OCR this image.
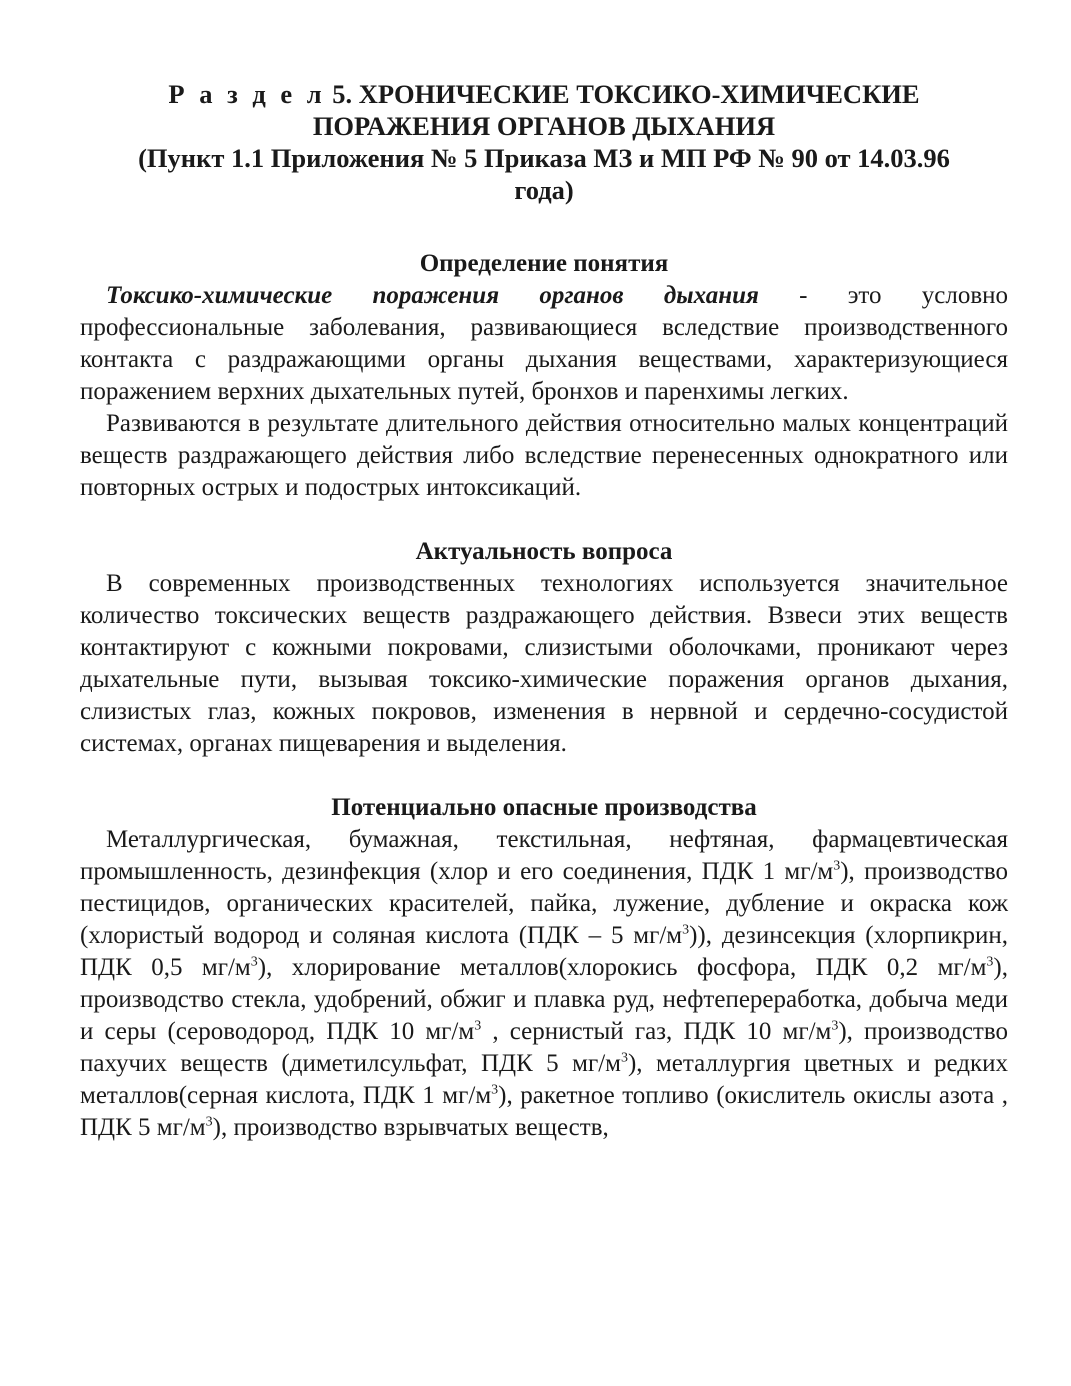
Р а з д е л 5. ХРОНИЧЕСКИЕ ТОКСИКО-ХИМИЧЕСКИЕ
ПОРАЖЕНИЯ ОРГАНОВ ДЫХАНИЯ
(Пункт 1.1 Приложения № 5 Приказа МЗ и МП РФ № 90 от 14.03.96
года)
Определение понятия

Токсико-химические поражения органов дыхания - это условно профессиональные заболевания, развивающиеся вследствие производственного контакта с раздражающими органы дыхания веществами, характеризующиеся поражением верхних дыхательных путей, бронхов и паренхимы легких.

Развиваются в результате длительного действия относительно малых концентраций веществ раздражающего действия либо вследствие перенесенных однократного или повторных острых и подострых интоксикаций.

Актуальность вопроса

В современных производственных технологиях используется значительное количество токсических веществ раздражающего действия. Взвеси этих веществ контактируют с кожными покровами, слизистыми оболочками, проникают через дыхательные пути, вызывая токсико-химические поражения органов дыхания, слизистых глаз, кожных покровов, изменения в нервной и сердечно-сосудистой системах, органах пищеварения и выделения.

Потенциально опасные производства

Металлургическая, бумажная, текстильная, нефтяная, фармацевтическая промышленность, дезинфекция (хлор и его соединения, ПДК 1 $мг/м^3$), производство пестицидов, органических красителей, пайка, лужение, дубление и окраска кож (хлористый водород и соляная кислота (ПДК – 5 $мг/м^3$)), дезинсекция (хлорпикрин, ПДК 0,5 $мг/м^3$), хлорирование металлов(хлорокись фосфора, ПДК 0,2 $мг/м^3$), производство стекла, удобрений, обжиг и плавка руд, нефтепереработка, добыча меди и серы (сероводород, ПДК 10 $мг/м^3$ , сернистый газ, ПДК 10 $мг/м^3$), производство пахучих веществ (диметилсульфат, ПДК 5 $мг/м^3$), металлургия цветных и редких металлов(серная кислота, ПДК 1 $мг/м^3$), ракетное топливо (окислитель окислы азота , ПДК 5 $мг/м^3$), производство взрывчатых веществ,
